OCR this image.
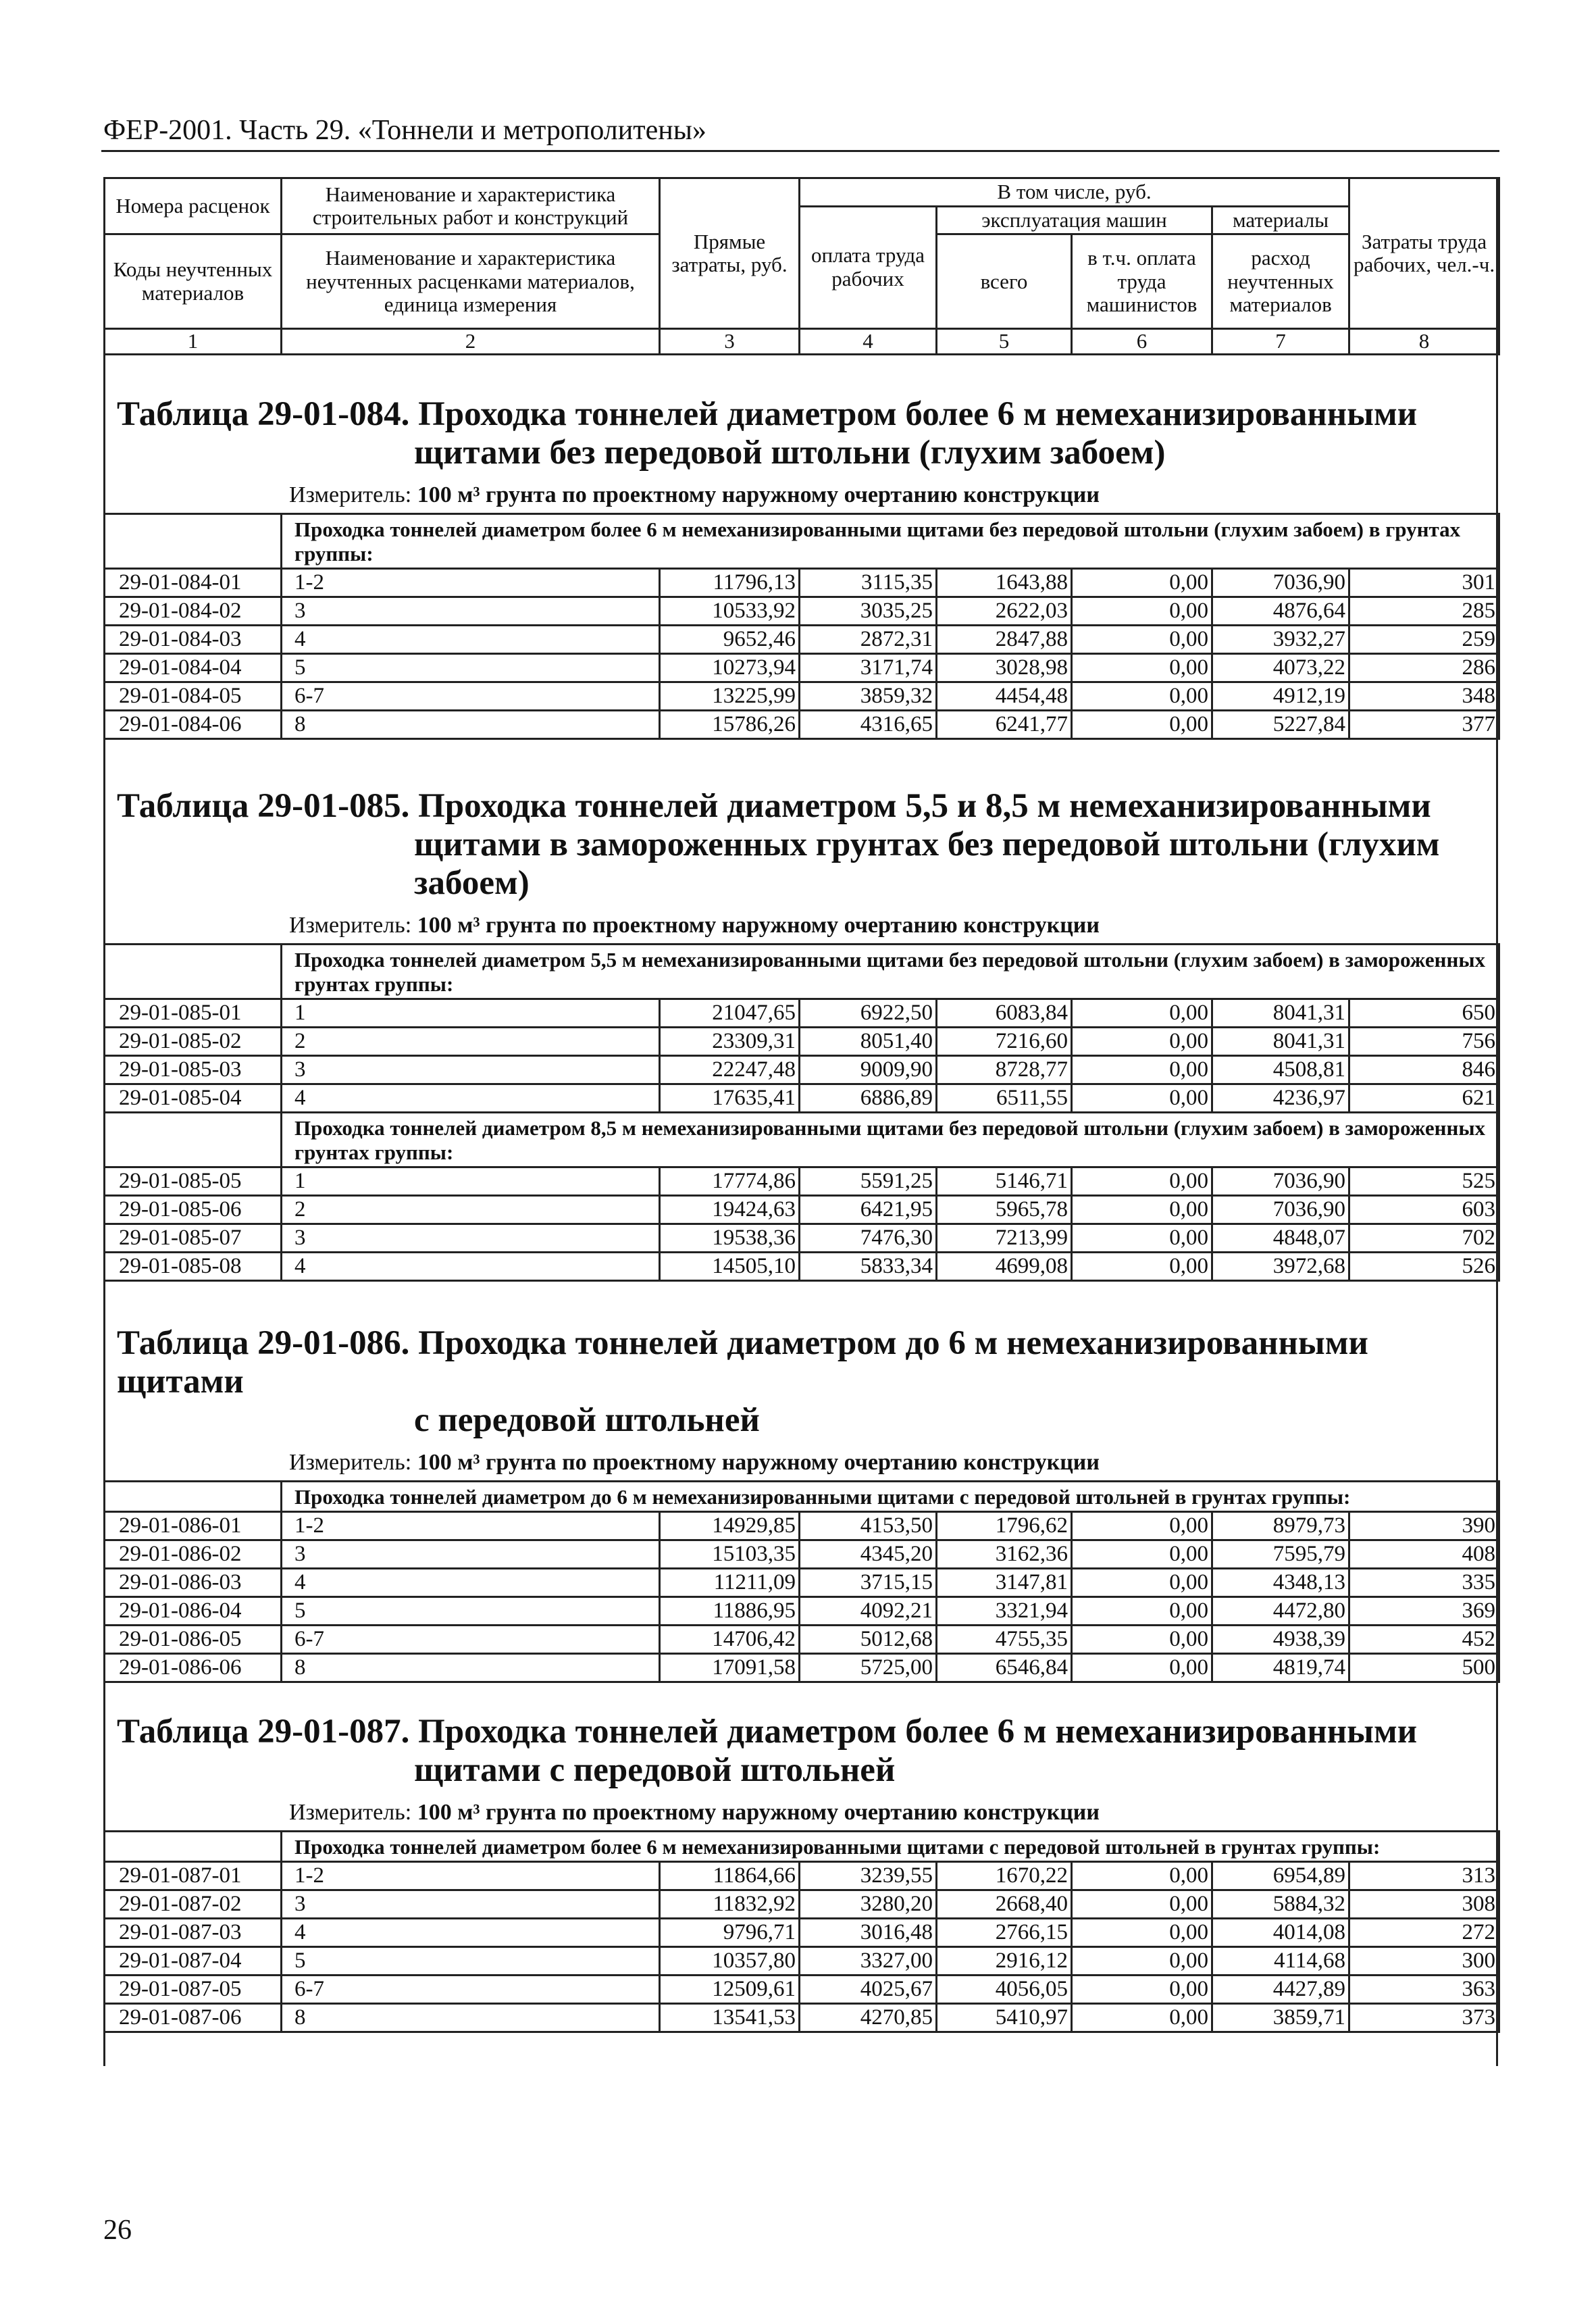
ФЕР-2001. Часть 29. «Тоннели и метрополитены»
Номера расценок	Наименование и характеристика строительных работ и конструкций	Прямые затраты, руб.	В том числе, руб.				Затраты труда рабочих, чел.-ч.
			оплата труда рабочих	эксплуатация машин		материалы	
Коды неучтенных материалов	Наименование и характеристика неучтенных расценками материалов, единица измерения			всего	в т.ч. оплата труда машинистов	расход неучтенных материалов	
1	2	3	4	5	6	7	8
Таблица 29-01-084. Проходка тоннелей диаметром более 6 м немеханизированными
щитами без передовой штольни (глухим забоем)
Измеритель: 100 м³ грунта по проектному наружному очертанию конструкции
	Проходка тоннелей диаметром более 6 м немеханизированными щитами без передовой штольни (глухим забоем) в грунтах группы:						
29-01-084-01	1-2	11796,13	3115,35	1643,88	0,00	7036,90	301
29-01-084-02	3	10533,92	3035,25	2622,03	0,00	4876,64	285
29-01-084-03	4	9652,46	2872,31	2847,88	0,00	3932,27	259
29-01-084-04	5	10273,94	3171,74	3028,98	0,00	4073,22	286
29-01-084-05	6-7	13225,99	3859,32	4454,48	0,00	4912,19	348
29-01-084-06	8	15786,26	4316,65	6241,77	0,00	5227,84	377
Таблица 29-01-085. Проходка тоннелей диаметром 5,5 и 8,5 м немеханизированными
щитами в замороженных грунтах без передовой штольни (глухим
забоем)
Измеритель: 100 м³ грунта по проектному наружному очертанию конструкции
	Проходка тоннелей диаметром 5,5 м немеханизированными щитами без передовой штольни (глухим забоем) в замороженных грунтах группы:						
29-01-085-01	1	21047,65	6922,50	6083,84	0,00	8041,31	650
29-01-085-02	2	23309,31	8051,40	7216,60	0,00	8041,31	756
29-01-085-03	3	22247,48	9009,90	8728,77	0,00	4508,81	846
29-01-085-04	4	17635,41	6886,89	6511,55	0,00	4236,97	621
	Проходка тоннелей диаметром 8,5 м немеханизированными щитами без передовой штольни (глухим забоем) в замороженных грунтах группы:						
29-01-085-05	1	17774,86	5591,25	5146,71	0,00	7036,90	525
29-01-085-06	2	19424,63	6421,95	5965,78	0,00	7036,90	603
29-01-085-07	3	19538,36	7476,30	7213,99	0,00	4848,07	702
29-01-085-08	4	14505,10	5833,34	4699,08	0,00	3972,68	526
Таблица 29-01-086. Проходка тоннелей диаметром до 6 м немеханизированными щитами
с передовой штольней
Измеритель: 100 м³ грунта по проектному наружному очертанию конструкции
	Проходка тоннелей диаметром до 6 м немеханизированными щитами с передовой штольней в грунтах группы:						
29-01-086-01	1-2	14929,85	4153,50	1796,62	0,00	8979,73	390
29-01-086-02	3	15103,35	4345,20	3162,36	0,00	7595,79	408
29-01-086-03	4	11211,09	3715,15	3147,81	0,00	4348,13	335
29-01-086-04	5	11886,95	4092,21	3321,94	0,00	4472,80	369
29-01-086-05	6-7	14706,42	5012,68	4755,35	0,00	4938,39	452
29-01-086-06	8	17091,58	5725,00	6546,84	0,00	4819,74	500
Таблица 29-01-087. Проходка тоннелей диаметром более 6 м немеханизированными
щитами с передовой штольней
Измеритель: 100 м³ грунта по проектному наружному очертанию конструкции
	Проходка тоннелей диаметром более 6 м немеханизированными щитами с передовой штольней в грунтах группы:						
29-01-087-01	1-2	11864,66	3239,55	1670,22	0,00	6954,89	313
29-01-087-02	3	11832,92	3280,20	2668,40	0,00	5884,32	308
29-01-087-03	4	9796,71	3016,48	2766,15	0,00	4014,08	272
29-01-087-04	5	10357,80	3327,00	2916,12	0,00	4114,68	300
29-01-087-05	6-7	12509,61	4025,67	4056,05	0,00	4427,89	363
29-01-087-06	8	13541,53	4270,85	5410,97	0,00	3859,71	373
26
